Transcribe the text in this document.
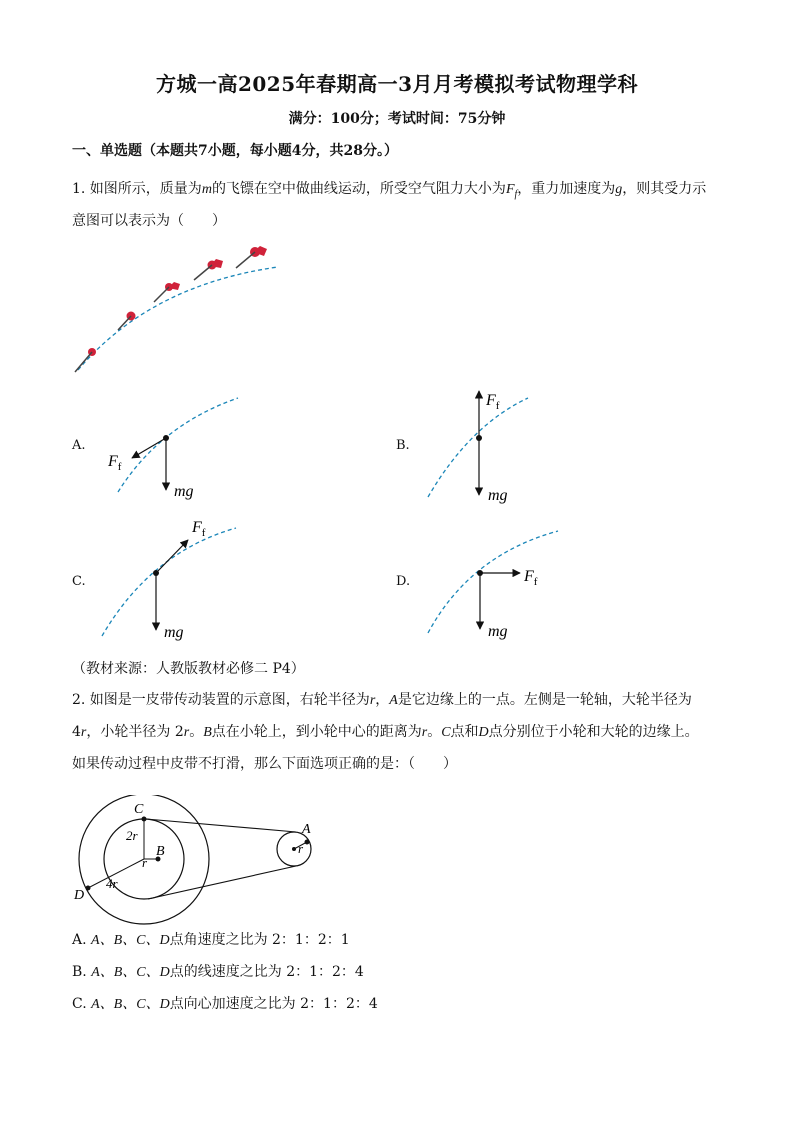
方城一高2025年春期高一3月月考模拟考试物理学科
满分：100分；考试时间：75分钟
一、单选题（本题共7小题，每小题4分，共28分。）
1. 如图所示，质量为m的飞镖在空中做曲线运动，所受空气阻力大小为$F_f$，重力加速度为g，则其受力示
意图可以表示为（　　）
A.
$F_f$
mg
B.
$F_f$
mg
C.
$F_f$
mg
D.	$F_f$
mg
（教材来源：人教版教材必修二 P4）
2. 如图是一皮带传动装置的示意图，右轮半径为r，A是它边缘上的一点。左侧是一轮轴，大轮半径为
4r，小轮半径为 2r。B点在小轮上，到小轮中心的距离为r。C点和D点分别位于小轮和大轮的边缘上。
如果传动过程中皮带不打滑，那么下面选项正确的是：（　　）
C
B
D
A
2r
r
4r
r
A. A、B、C、D点角速度之比为 2：1：2：1
B. A、B、C、D点的线速度之比为 2：1：2：4
C. A、B、C、D点向心加速度之比为 2：1：2：4
